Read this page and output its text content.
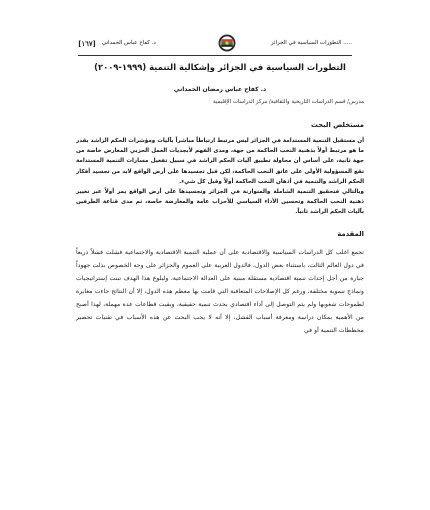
[١٦٧] د. كفاح عباس الحمداني	التطورات السياسية في الجزائر .....
التطورات السياسية في الجزائر وإشكالية التنمية (١٩٩٩-٢٠٠٩)
د. كفاح عباس رمضان الحمداني
مدرس/ قسم الدراسات التاريخية والثقافية/ مركز الدراسات الإقليمية
مستخلص البحث

أن مستقبل التنمية المستدامة في الجزائر ليس مرتبط ارتباطاً مباشراً بآليات ومؤشرات الحكم الراشد بقدر ما هو مرتبط أولاً بذهنية النخب الحاكمة من جهة، ومدى الفهم لأبجديات العمل الحزبي المعارض خاصة من جهة ثانية، على أساس أن محاولة تطبيق آليات الحكم الراشد في سبيل تفعيل مسارات التنمية المستدامة تقع المسؤولية الأولى على عاتق النخب الحاكمة، لكن قبل تجسيدها على أرض الواقع لابد من تجسيد أفكار الحكم الراشد والتنمية في أذهان النخب الحاكمة أولاً وقبل كل شيء.

وبالتالي فتحقيق التنمية الشاملة والمتوازنة في الجزائر وتجسيدها على أرض الواقع يمر أولاً عبر تغيير ذهنية النخب الحاكمة وتحسين الأداء السياسي للأحزاب عامة والمعارضة خاصة، ثم مدى قناعة الطرفين بآليات الحكم الراشد ثانياً.

المقدمة

تجمع اغلب كل الدراسات السياسية والاقتصادية على أن عملية التنمية الاقتصادية والاجتماعية فشلت فشلاً ذريعاً في دول العالم الثالث، باستثناء بعض الدول، فالدول العربية على العموم والجزائر على وجه الخصوص بذلت جهوداً جبارة من أجل إحداث تنمية اقتصادية مستقلة مبنية على العدالة الاجتماعية، ولبلوغ هذا الهدف تبنت إستراتيجيات ونماذج تنموية مختلفة، ورغم كل الإصلاحات المتعاقبة التي قامت بها معظم هذه الدول، إلا أن النتائج جاءت مغايرة لطموحات شعوبها ولم يتم التوصل إلى أداء اقتصادي يحدث تنمية حقيقية، وبقيت قطاعات عدة مهملة، لهذا أصبح من الأهمية بمكان دراسة ومعرفة أسباب الفشل، إلا أنه لا يجب البحث عن هذه الأسباب في تقنيات تحضير مخططات التنمية أو في
